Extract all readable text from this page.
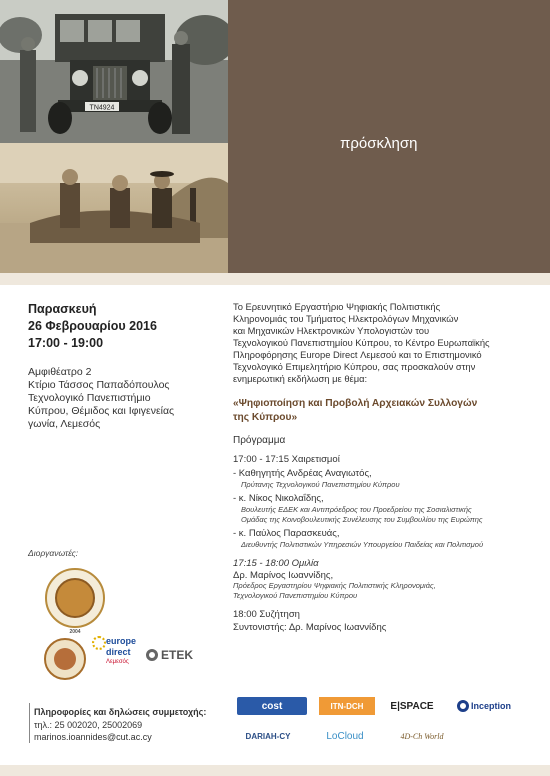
TN4924
πρόσκληση
Παρασκευή
26 Φεβρουαρίου 2016
17:00 - 19:00
Αμφιθέατρο 2
Κτίριο Τάσσος Παπαδόπουλος
Τεχνολογικό Πανεπιστήμιο
Κύπρου, Θέμιδος και Ιφιγενείας
γωνία, Λεμεσός
Διοργανωτές:
2004
europe
direct
Λεμεσός	ΕΤΕΚ
Πληροφορίες και δηλώσεις συμμετοχής:
τηλ.: 25 002020, 25002069
marinos.ioannides@cut.ac.cy
Το Ερευνητικό Εργαστήριο Ψηφιακής Πολιτιστικής
Κληρονομιάς του Τμήματος Ηλεκτρολόγων Μηχανικών
και Μηχανικών Ηλεκτρονικών Υπολογιστών του
Τεχνολογικού Πανεπιστημίου Κύπρου, το Κέντρο Ευρωπαϊκής
Πληροφόρησης Europe Direct Λεμεσού και το Επιστημονικό
Τεχνολογικό Επιμελητήριο Κύπρου, σας προσκαλούν στην
ενημερωτική εκδήλωση με θέμα:
«Ψηφιοποίηση και Προβολή Αρχειακών Συλλογών
της Κύπρου»
Πρόγραμμα
17:00 - 17:15 Χαιρετισμοί
- Καθηγητής Ανδρέας Αναγιωτός,
Πρύτανης Τεχνολογικού Πανεπιστημίου Κύπρου
- κ. Νίκος Νικολαΐδης,
Βουλευτής ΕΔΕΚ και Αντιπρόεδρος του Προεδρείου της Σοσιαλιστικής
Ομάδας της Κοινοβουλευτικής Συνέλευσης του Συμβουλίου της Ευρώπης
- κ. Παύλος Παρασκευάς,
Διευθυντής Πολιτιστικών Υπηρεσιών Υπουργείου Παιδείας και Πολιτισμού
17:15 - 18:00 Ομιλία
Δρ. Μαρίνος Ιωαννίδης,
Πρόεδρος Εργαστηρίου Ψηφιακής Πολιτιστικής Κληρονομιάς,
Τεχνολογικού Πανεπιστημίου Κύπρου
18:00 Συζήτηση
Συντονιστής: Δρ. Μαρίνος Ιωαννίδης
cost	ITN-DCH	E|SPACE	Inception
DARIAH-CY	LoCloud	4D-Ch World
